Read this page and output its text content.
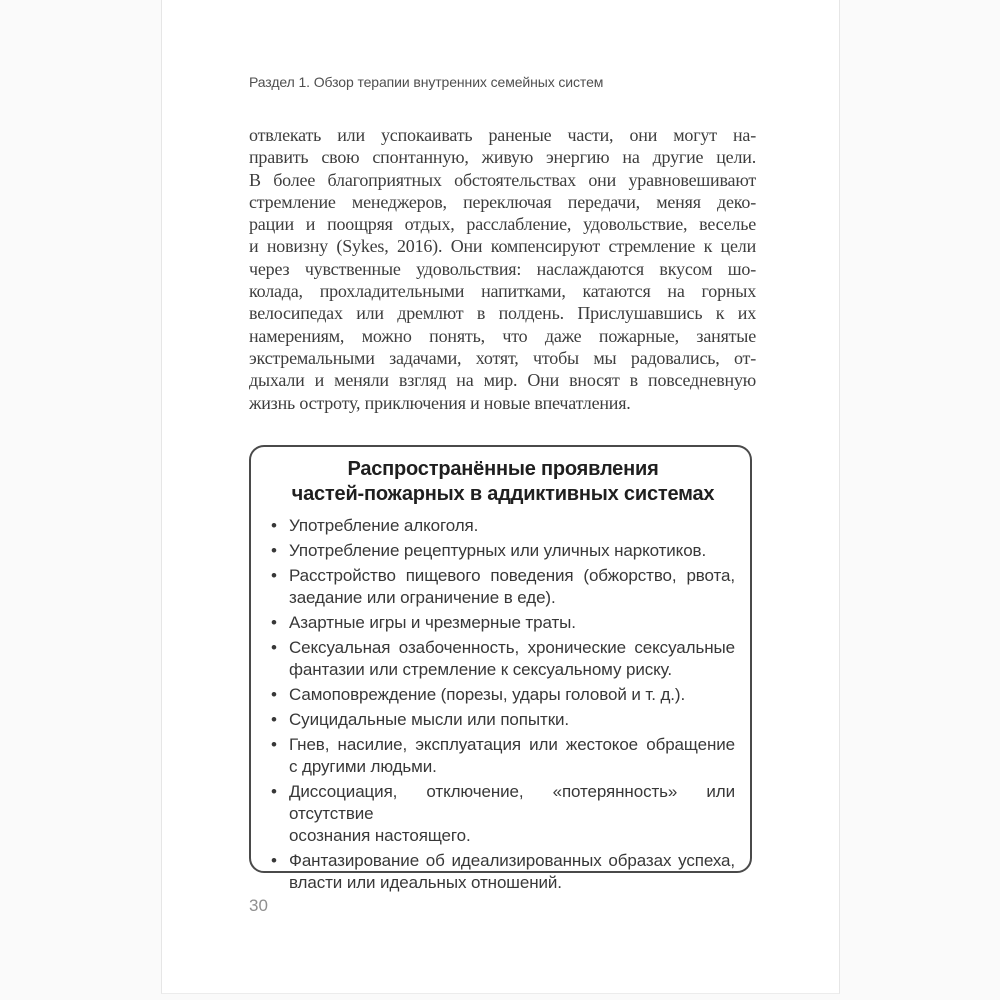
Раздел 1. Обзор терапии внутренних семейных систем
отвлекать или успокаивать раненые части, они могут на-
править свою спонтанную, живую энергию на другие цели.
В более благоприятных обстоятельствах они уравновешивают
стремление менеджеров, переключая передачи, меняя деко-
рации и поощряя отдых, расслабление, удовольствие, веселье
и новизну (Sykes, 2016). Они компенсируют стремление к цели
через чувственные удовольствия: наслаждаются вкусом шо-
колада, прохладительными напитками, катаются на горных
велосипедах или дремлют в полдень. Прислушавшись к их
намерениям, можно понять, что даже пожарные, занятые
экстремальными задачами, хотят, чтобы мы радовались, от-
дыхали и меняли взгляд на мир. Они вносят в повседневную
жизнь остроту, приключения и новые впечатления.
Распространённые проявления
частей-пожарных в аддиктивных системах
• Употребление алкоголя.
• Употребление рецептурных или уличных наркотиков.
• Расстройство пищевого поведения (обжорство, рвота,
заедание или ограничение в еде).
• Азартные игры и чрезмерные траты.
• Сексуальная озабоченность, хронические сексуальные
фантазии или стремление к сексуальному риску.
• Самоповреждение (порезы, удары головой и т. д.).
• Суицидальные мысли или попытки.
• Гнев, насилие, эксплуатация или жестокое обращение
с другими людьми.
• Диссоциация, отключение, «потерянность» или отсутствие
осознания настоящего.
• Фантазирование об идеализированных образах успеха,
власти или идеальных отношений.
30
